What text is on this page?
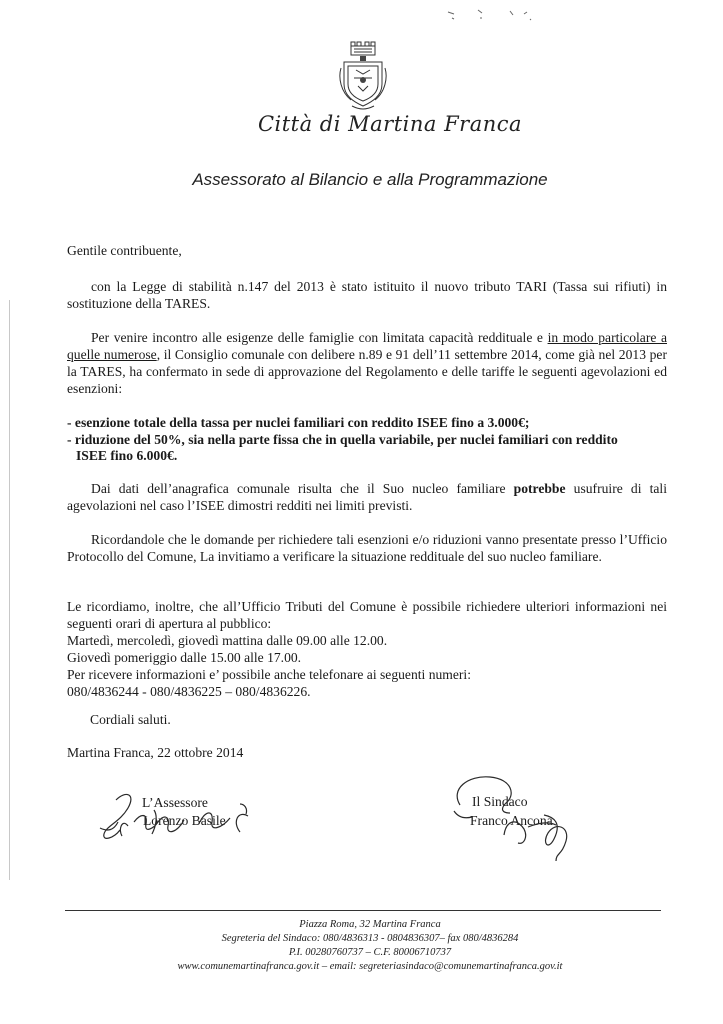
Città di Martina Franca
Assessorato al Bilancio e alla Programmazione
Gentile contribuente,
con la Legge di stabilità n.147 del 2013 è stato istituito il nuovo tributo TARI (Tassa sui rifiuti) in sostituzione della TARES.
Per venire incontro alle esigenze delle famiglie con limitata capacità reddituale e in modo particolare a quelle numerose, il Consiglio comunale con delibere n.89 e 91 dell’11 settembre 2014, come già nel 2013 per la TARES, ha confermato in sede di approvazione del Regolamento e delle tariffe le seguenti agevolazioni ed esenzioni:
- esenzione totale della tassa per nuclei familiari con reddito ISEE fino a 3.000€;
- riduzione del 50%, sia nella parte fissa che in quella variabile, per nuclei familiari con reddito
ISEE fino 6.000€.
Dai dati dell’anagrafica comunale risulta che il Suo nucleo familiare potrebbe usufruire di tali agevolazioni nel caso l’ISEE dimostri redditi nei limiti previsti.
Ricordandole che le domande per richiedere tali esenzioni e/o riduzioni vanno presentate presso l’Ufficio Protocollo del Comune, La invitiamo a verificare la situazione reddituale del suo nucleo familiare.
Le ricordiamo, inoltre, che all’Ufficio Tributi del Comune è possibile richiedere ulteriori informazioni nei seguenti orari di apertura al pubblico:
Martedì, mercoledì, giovedì mattina dalle 09.00 alle 12.00.
Giovedì pomeriggio dalle 15.00 alle 17.00.
Per ricevere informazioni e’ possibile anche telefonare ai seguenti numeri:
080/4836244 - 080/4836225 – 080/4836226.
Cordiali saluti.
Martina Franca, 22 ottobre 2014
L’Assessore
Lorenzo Basile
Il Sindaco
Franco Ancona
Piazza Roma, 32 Martina Franca
Segreteria del Sindaco: 080/4836313 - 0804836307– fax 080/4836284
P.I. 00280760737 – C.F. 80006710737
www.comunemartinafranca.gov.it – email: segreteriasindaco@comunemartinafranca.gov.it
